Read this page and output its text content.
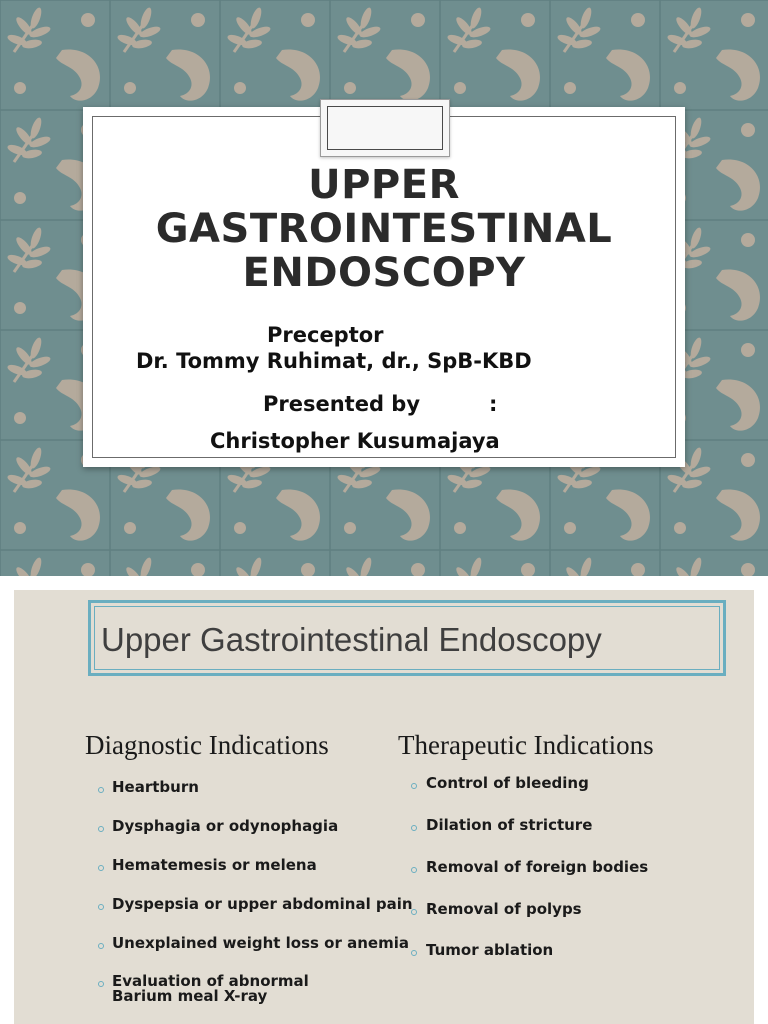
UPPER
GASTROINTESTINAL
ENDOSCOPY
Preceptor
Dr. Tommy Ruhimat, dr., SpB-KBD
Presented by	:
Christopher Kusumajaya
Upper Gastrointestinal Endoscopy
Diagnostic Indications	Therapeutic Indications
Heartburn
Dysphagia or odynophagia
Hematemesis or melena
Dyspepsia or upper abdominal pain
Unexplained weight loss or anemia
Evaluation of abnormal Barium meal X-ray
Control of bleeding
Dilation of stricture
Removal of foreign bodies
Removal of polyps
Tumor ablation
